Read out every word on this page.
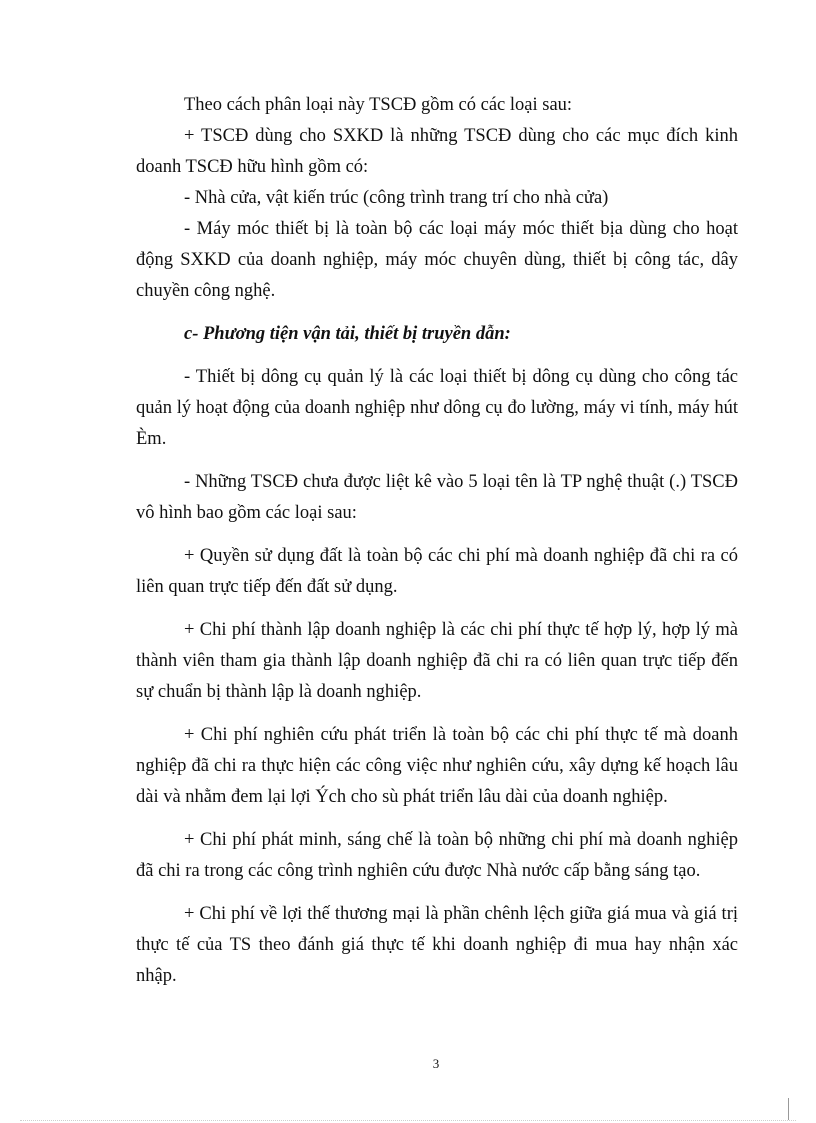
Theo cách phân loại này TSCĐ gồm có các loại sau:

+ TSCĐ dùng cho SXKD là những TSCĐ dùng cho các mục đích kinh doanh TSCĐ hữu hình gồm có:

- Nhà cửa, vật kiến trúc (công trình trang trí cho nhà cửa)

- Máy móc thiết bị là toàn bộ các loại máy móc thiết bịa dùng cho hoạt động SXKD của doanh nghiệp, máy móc chuyên dùng, thiết bị công tác, dây chuyền công nghệ.

c- Phương tiện vận tải, thiết bị truyền dẫn:

- Thiết bị dông cụ quản lý là các loại thiết bị dông cụ dùng cho công tác quản lý hoạt động của doanh nghiệp như dông cụ đo lường, máy vi tính, máy hút Èm.

- Những TSCĐ chưa được liệt kê vào 5 loại tên là TP nghệ thuật (.) TSCĐ vô hình bao gồm các loại sau:

+ Quyền sử dụng đất là toàn bộ các chi phí mà doanh nghiệp đã chi ra có liên quan trực tiếp đến đất sử dụng.

+ Chi phí thành lập doanh nghiệp là các chi phí thực tế hợp lý, hợp lý mà thành viên tham gia thành lập doanh nghiệp đã chi ra có liên quan trực tiếp đến sự chuẩn bị thành lập là doanh nghiệp.

+ Chi phí nghiên cứu phát triển là toàn bộ các chi phí thực tế mà doanh nghiệp đã chi ra thực hiện các công việc như nghiên cứu, xây dựng kế hoạch lâu dài và nhằm đem lại lợi Ých cho sù phát triển lâu dài của doanh nghiệp.

+ Chi phí phát minh, sáng chế là toàn bộ những chi phí mà doanh nghiệp đã chi ra trong các công trình nghiên cứu được Nhà nước cấp bằng sáng tạo.

+ Chi phí về lợi thế thương mại là phần chênh lệch giữa giá mua và giá trị thực tế của TS theo đánh giá thực tế khi doanh nghiệp đi mua hay nhận xác nhập.

3
